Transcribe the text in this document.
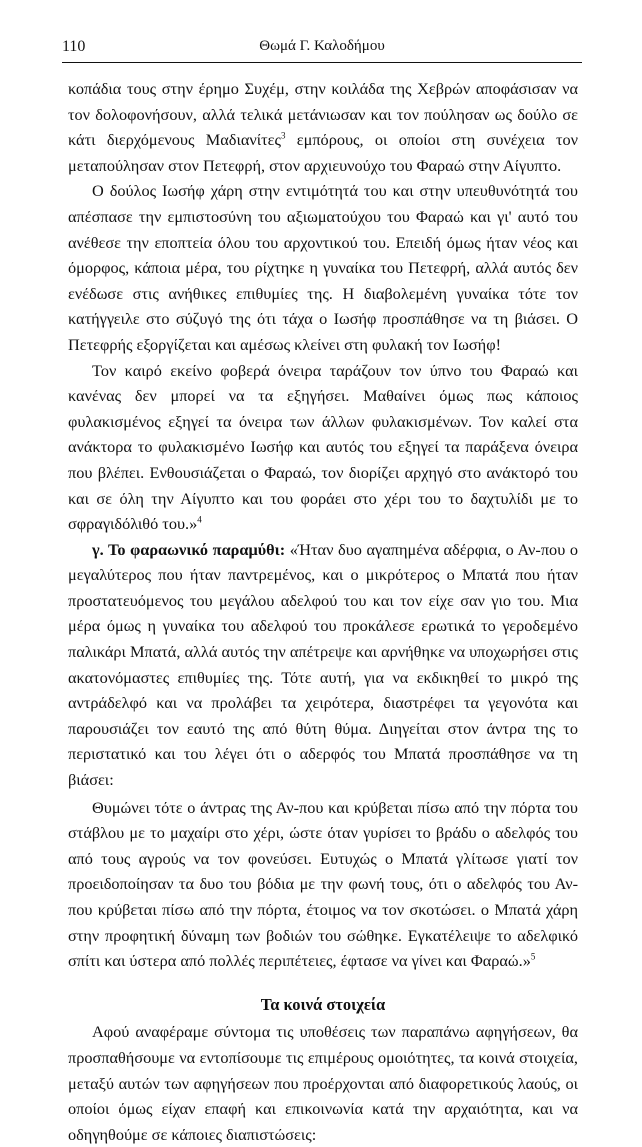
110	Θωμά Γ. Καλοδήμου

κοπάδια τους στην έρημο Συχέμ, στην κοιλάδα της Χεβρών αποφάσισαν να τον δολοφονήσουν, αλλά τελικά μετάνιωσαν και τον πούλησαν ως δούλο σε κάτι διερχόμενους Μαδιανίτες$^3$ εμπόρους, οι οποίοι στη συνέχεια τον μεταπούλησαν στον Πετεφρή, στον αρχιευνούχο του Φαραώ στην Αίγυπτο.

Ο δούλος Ιωσήφ χάρη στην εντιμότητά του και στην υπευθυνότητά του απέσπασε την εμπιστοσύνη του αξιωματούχου του Φαραώ και γι' αυτό του ανέθεσε την εποπτεία όλου του αρχοντικού του. Επειδή όμως ήταν νέος και όμορφος, κάποια μέρα, του ρίχτηκε η γυναίκα του Πετεφρή, αλλά αυτός δεν ενέδωσε στις ανήθικες επιθυμίες της. Η διαβολεμένη γυναίκα τότε τον κατήγγειλε στο σύζυγό της ότι τάχα ο Ιωσήφ προσπάθησε να τη βιάσει. Ο Πετεφρής εξοργίζεται και αμέσως κλείνει στη φυλακή τον Ιωσήφ!

Τον καιρό εκείνο φοβερά όνειρα ταράζουν τον ύπνο του Φαραώ και κανένας δεν μπορεί να τα εξηγήσει. Μαθαίνει όμως πως κάποιος φυλακισμένος εξηγεί τα όνειρα των άλλων φυλακισμένων. Τον καλεί στα ανάκτορα το φυλακισμένο Ιωσήφ και αυτός του εξηγεί τα παράξενα όνειρα που βλέπει. Ενθουσιάζεται ο Φαραώ, τον διορίζει αρχηγό στο ανάκτορό του και σε όλη την Αίγυπτο και του φοράει στο χέρι του το δαχτυλίδι με το σφραγιδόλιθό του.»$^4$

γ. Το φαραωνικό παραμύθι: «Ήταν δυο αγαπημένα αδέρφια, ο Αν-που ο μεγαλύτερος που ήταν παντρεμένος, και ο μικρότερος ο Μπατά που ήταν προστατευόμενος του μεγάλου αδελφού του και τον είχε σαν γιο του. Μια μέρα όμως η γυναίκα του αδελφού του προκάλεσε ερωτικά το γεροδεμένο παλικάρι Μπατά, αλλά αυτός την απέτρεψε και αρνήθηκε να υποχωρήσει στις ακατονόμαστες επιθυμίες της. Τότε αυτή, για να εκδικηθεί το μικρό της αντράδελφό και να προλάβει τα χειρότερα, διαστρέφει τα γεγονότα και παρουσιάζει τον εαυτό της από θύτη θύμα. Διηγείται στον άντρα της το περιστατικό και του λέγει ότι ο αδερφός του Μπατά προσπάθησε να τη βιάσει:

Θυμώνει τότε ο άντρας της Αν-που και κρύβεται πίσω από την πόρτα του στάβλου με το μαχαίρι στο χέρι, ώστε όταν γυρίσει το βράδυ ο αδελφός του από τους αγρούς να τον φονεύσει. Ευτυχώς ο Μπατά γλίτωσε γιατί τον προειδοποίησαν τα δυο του βόδια με την φωνή τους, ότι ο αδελφός του Αν-που κρύβεται πίσω από την πόρτα, έτοιμος να τον σκοτώσει. ο Μπατά χάρη στην προφητική δύναμη των βοδιών του σώθηκε. Εγκατέλειψε το αδελφικό σπίτι και ύστερα από πολλές περιπέτειες, έφτασε να γίνει και Φαραώ.»$^5$

Τα κοινά στοιχεία

Αφού αναφέραμε σύντομα τις υποθέσεις των παραπάνω αφηγήσεων, θα προσπαθήσουμε να εντοπίσουμε τις επιμέρους ομοιότητες, τα κοινά στοιχεία, μεταξύ αυτών των αφηγήσεων που προέρχονται από διαφορετικούς λαούς, οι οποίοι όμως είχαν επαφή και επικοινωνία κατά την αρχαιότητα, και να οδηγηθούμε σε κάποιες διαπιστώσεις:
